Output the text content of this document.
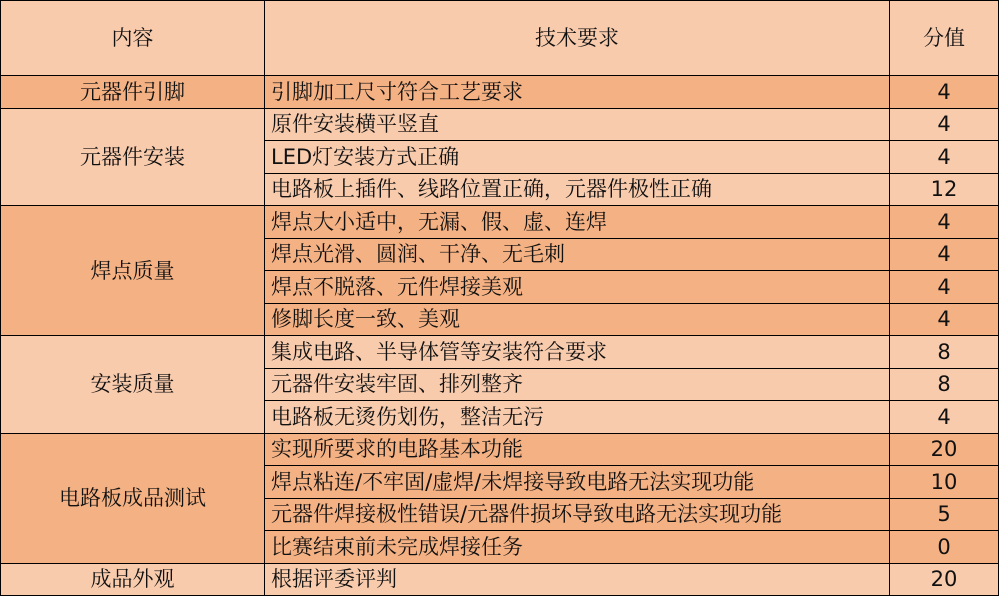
内容	技术要求	分值
元器件引脚	引脚加工尺寸符合工艺要求	4
元器件安装	原件安装横平竖直	4
	LED灯安装方式正确	4
	电路板上插件、线路位置正确，元器件极性正确	12
焊点质量	焊点大小适中，无漏、假、虚、连焊	4
	焊点光滑、圆润、干净、无毛刺	4
	焊点不脱落、元件焊接美观	4
	修脚长度一致、美观	4
安装质量	集成电路、半导体管等安装符合要求	8
	元器件安装牢固、排列整齐	8
	电路板无烫伤划伤，整洁无污	4
电路板成品测试	实现所要求的电路基本功能	20
	焊点粘连/不牢固/虚焊/未焊接导致电路无法实现功能	10
	元器件焊接极性错误/元器件损坏导致电路无法实现功能	5
	比赛结束前未完成焊接任务	0
成品外观	根据评委评判	20
